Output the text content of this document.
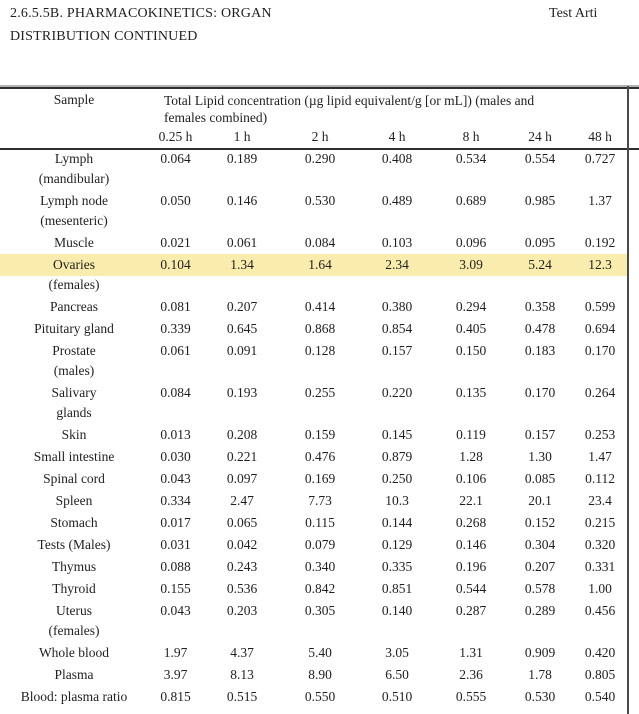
2.6.5.5B. PHARMACOKINETICS: ORGAN
DISTRIBUTION CONTINUED
Test Arti
Sample	Total Lipid concentration (µg lipid equivalent/g [or mL]) (males and females combined)						

	0.25 h	1 h	2 h	4 h	8 h	24 h	48 h
Lymph	0.064	0.189	0.290	0.408	0.534	0.554	0.727
(mandibular)							
Lymph node	0.050	0.146	0.530	0.489	0.689	0.985	1.37
(mesenteric)							
Muscle	0.021	0.061	0.084	0.103	0.096	0.095	0.192
Ovaries	0.104	1.34	1.64	2.34	3.09	5.24	12.3
(females)							
Pancreas	0.081	0.207	0.414	0.380	0.294	0.358	0.599
Pituitary gland	0.339	0.645	0.868	0.854	0.405	0.478	0.694
Prostate	0.061	0.091	0.128	0.157	0.150	0.183	0.170
(males)							
Salivary	0.084	0.193	0.255	0.220	0.135	0.170	0.264
glands							
Skin	0.013	0.208	0.159	0.145	0.119	0.157	0.253
Small intestine	0.030	0.221	0.476	0.879	1.28	1.30	1.47
Spinal cord	0.043	0.097	0.169	0.250	0.106	0.085	0.112
Spleen	0.334	2.47	7.73	10.3	22.1	20.1	23.4
Stomach	0.017	0.065	0.115	0.144	0.268	0.152	0.215
Tests (Males)	0.031	0.042	0.079	0.129	0.146	0.304	0.320
Thymus	0.088	0.243	0.340	0.335	0.196	0.207	0.331
Thyroid	0.155	0.536	0.842	0.851	0.544	0.578	1.00
Uterus	0.043	0.203	0.305	0.140	0.287	0.289	0.456
(females)							
Whole blood	1.97	4.37	5.40	3.05	1.31	0.909	0.420
Plasma	3.97	8.13	8.90	6.50	2.36	1.78	0.805
Blood: plasma ratio	0.815	0.515	0.550	0.510	0.555	0.530	0.540
